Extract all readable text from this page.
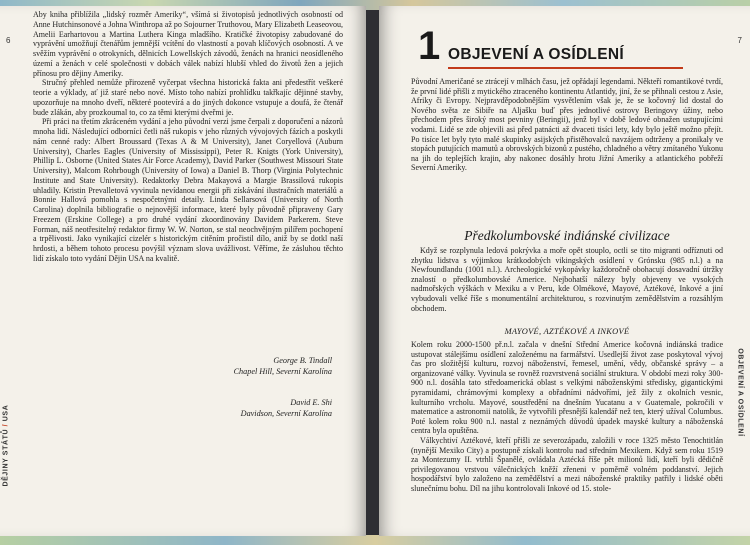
6
DĚJINY STÁTŮ / USA

Aby kniha přiblížila „lidský rozměr Ameriky“, všímá si životopisů jednotlivých osobností od Anne Hutchinsonové a Johna Winthropa až po Sojourner Truthovou, Mary Elizabeth Leaseovou, Amelii Earhartovou a Martina Luthera Kinga mladšího. Kratičké životopisy zabudované do vyprávění umožňují čtenářům jemnější vcítění do vlastností a povah klíčových osobností. A ve svěžím vyprávění o otrokyních, dělnicích Lowellských závodů, ženách na hranici neosídleného území a ženách v celé společnosti v dobách válek nabízí hlubší vhled do životů žen a jejich přínosu pro dějiny Ameriky.

Stručný přehled nemůže přirozeně vyčerpat všechna historická fakta ani předestřít veškeré teorie a výklady, ať již staré nebo nové. Místo toho nabízí prohlídku takřkajíc dějinné stavby, upozorňuje na mnoho dveří, některé pootevírá a do jiných dokonce vstupuje a doufá, že čtenář bude zlákán, aby prozkoumal to, co za těmi kterými dveřmi je.

Při práci na třetím zkráceném vydání a jeho původní verzi jsme čerpali z doporučení a názorů mnoha lidí. Následující odborníci četli náš rukopis v jeho různých vývojových fázích a poskytli nám cenné rady: Albert Broussard (Texas A & M University), Janet Coryellová (Auburn University), Charles Eagles (University of Mississippi), Peter R. Knigts (York University), Phillip L. Osborne (United States Air Force Academy), David Parker (Southwest Missouri State University), Malcom Rohrbough (University of Iowa) a Daniel B. Thorp (Virginia Polytechnic Institute and State University). Redaktorky Debra Makayová a Margie Brassilová rukopis uhladily. Kristin Prevalletová vyvinula nevídanou energii při získávání ilustračních materiálů a Bonnie Hallová pomohla s nespočetnými detaily. Linda Sellarsová (University of North Carolina) doplnila bibliografie o nejnovější informace, které byly původně připraveny Gary Freezem (Erskine College) a pro druhé vydání zkoordinovány Davidem Parkerem. Steve Forman, náš neotřesitelný redaktor firmy W. W. Norton, se stal neochvějným pilířem pochopení a trpělivosti. Jako vynikající cizelér s historickým citěním pročistil dílo, aniž by se dotkl naší hrdosti, a během tohoto procesu povýšil význam slova uvážlivost. Věříme, že zásluhou těchto lidí získalo toto vydání Dějin USA na kvalitě.

George B. Tindall
Chapel Hill, Severní Karolína
David E. Shi
Davidson, Severní Karolína
7
OBJEVENÍ A OSÍDLENÍ
1 OBJEVENÍ A OSÍDLENÍ

Původní Američané se ztrácejí v mlhách času, jež opřádají legendami. Někteří romantikové tvrdí, že první lidé přišli z mytického ztraceného kontinentu Atlantidy, jiní, že se přihnali cestou z Asie, Afriky či Evropy. Nejpravděpodobnějším vysvětlením však je, že se kočovný lid dostal do Nového světa ze Sibiře na Aljašku buď přes jednotlivé ostrovy Beringovy úžiny, nebo přechodem přes široký most pevniny (Beringii), jenž byl v době ledové obnažen ustupujícími vodami. Lidé se zde objevili asi před patnácti až dvaceti tisíci lety, kdy bylo ještě možno přejít. Po tisíce let byly tyto malé skupinky asijských přistěhovalců navzájem odtrženy a pronikaly ve stopách putujících mamutů a obrovských bizonů z pustého, chladného a větry zmítaného Yukonu na jih do teplejších krajin, aby nakonec dosáhly hrotu Jižní Ameriky a atlantického pobřeží Severní Ameriky.

Předkolumbovské indiánské civilizace

Když se rozplynula ledová pokrývka a moře opět stouplo, octli se tito migranti odříznuti od zbytku lidstva s výjimkou krátkodobých vikingských osídlení v Grónsku (985 n.l.) a na Newfoundlandu (1001 n.l.). Archeologické vykopávky každoročně obohacují dosavadní útržky znalostí o předkolumbovské Americe. Nejbohatší nálezy byly objeveny ve vysokých nadmořských výškách v Mexiku a v Peru, kde Olmékové, Mayové, Aztékové, Inkové a jiní vybudovali velké říše s monumentální architekturou, s rozvinutým zemědělstvím a rozsáhlým obchodem.

MAYOVÉ, AZTÉKOVÉ A INKOVÉ

Kolem roku 2000-1500 př.n.l. začala v dnešní Střední Americe kočovná indiánská tradice ustupovat stálejšímu osídlení založenému na farmářství. Usedlejší život zase poskytoval vývoj čas pro složitější kulturu, rozvoj náboženství, řemesel, umění, vědy, občanské správy – a organizované války. Vyvinula se rovněž rozvrstvená sociální struktura. V období mezi roky 300-900 n.l. dosáhla tato středoamerická oblast s velkými náboženskými středisky, gigantickými pyramidami, chrámovými komplexy a obřadními nádvořími, jež žily z okolních vesnic, kulturního vrcholu. Mayové, soustředění na dnešním Yucatanu a v Guatemale, pokročili v matematice a astronomii natolik, že vytvořili přesnější kalendář než ten, který užíval Columbus. Poté kolem roku 900 n.l. nastal z neznámých důvodů úpadek mayské kultury a náboženská centra byla opuštěna.

Válkychtiví Aztékové, kteří přišli ze severozápadu, založili v roce 1325 město Tenochtitlán (nynější Mexiko City) a postupně získali kontrolu nad středním Mexikem. Když sem roku 1519 za Montezumy II. vtrhli Španělé, ovládala Aztécká říše pět milionů lidí, kteří byli dědičně privilegovanou vrstvou válečnických kněží zřeneni v poměrně volném poddanství. Jejich hospodářství bylo založeno na zemědělství a mezi náboženské praktiky patřily i lidské oběti slunečnímu bohu. Díl na jihu kontrolovali Inkové od 15. stole-
